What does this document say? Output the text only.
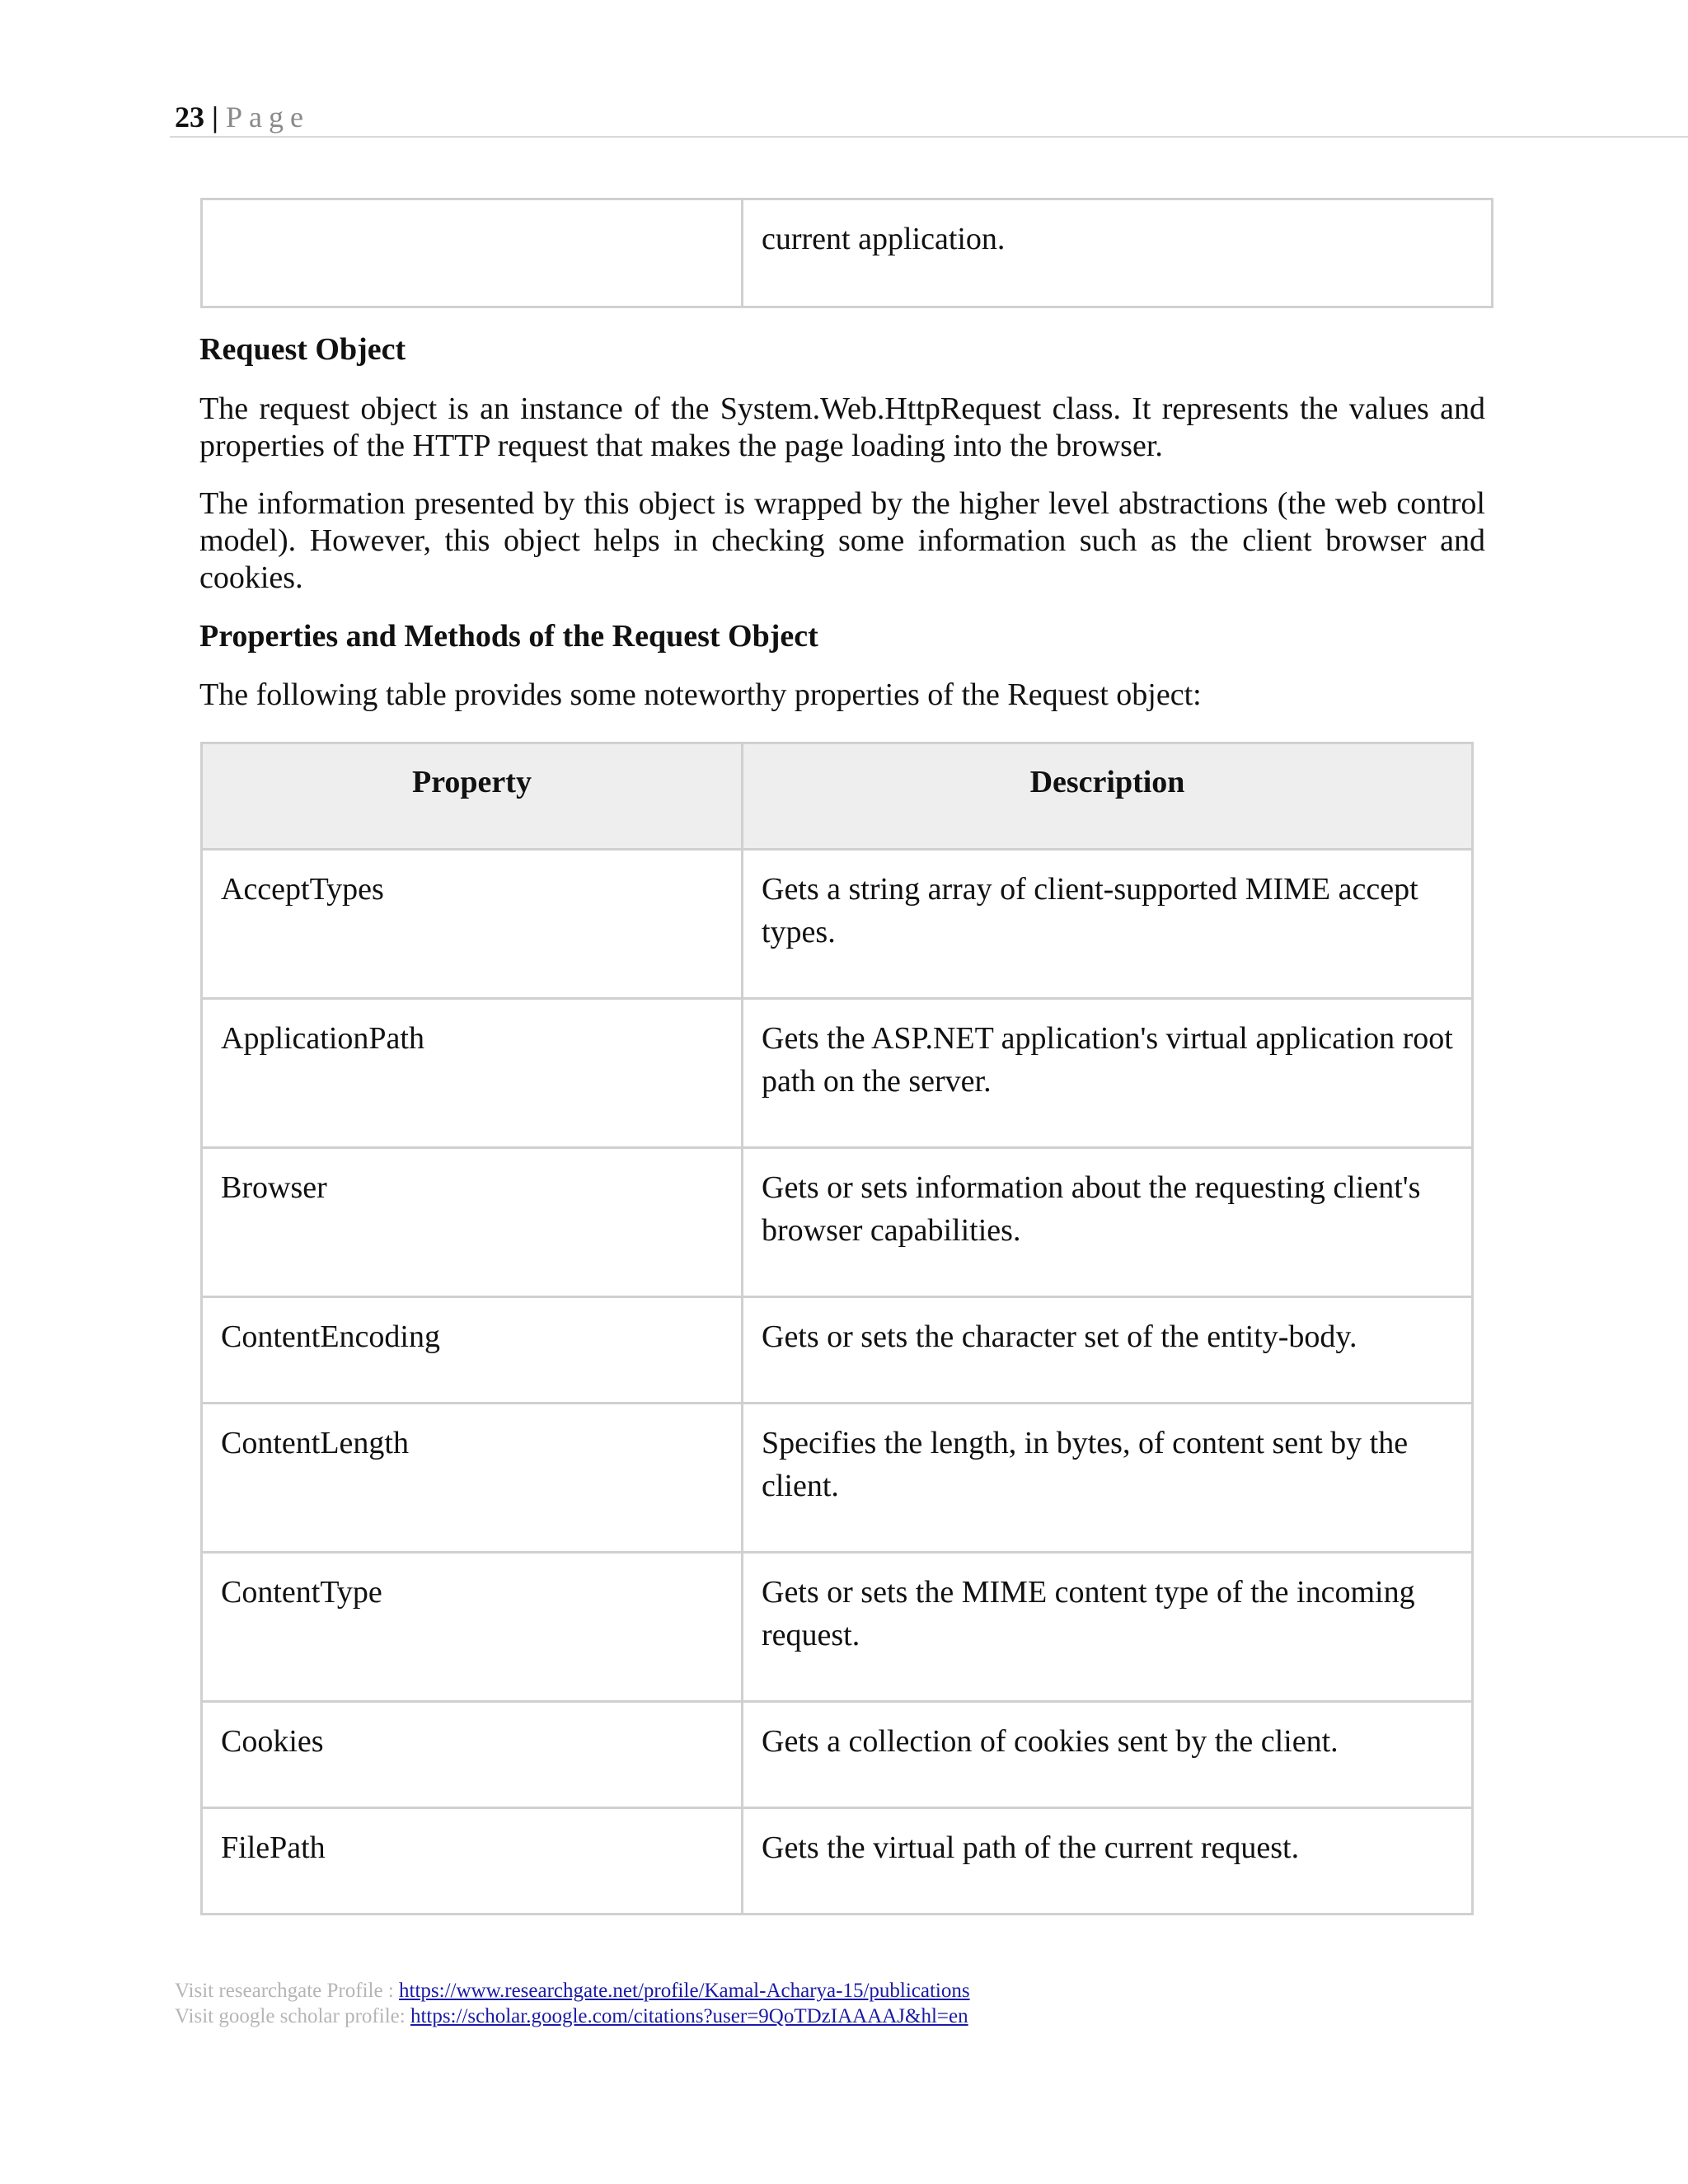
23 | Page

current application.

Request Object

The request object is an instance of the System.Web.HttpRequest class. It represents the values and properties of the HTTP request that makes the page loading into the browser.

The information presented by this object is wrapped by the higher level abstractions (the web control model). However, this object helps in checking some information such as the client browser and cookies.

Properties and Methods of the Request Object

The following table provides some noteworthy properties of the Request object:

Property	Description

AcceptTypes	Gets a string array of client-supported MIME accept types.

ApplicationPath	Gets the ASP.NET application's virtual application root path on the server.

Browser	Gets or sets information about the requesting client's browser capabilities.

ContentEncoding	Gets or sets the character set of the entity-body.

ContentLength	Specifies the length, in bytes, of content sent by the client.

ContentType	Gets or sets the MIME content type of the incoming request.

Cookies	Gets a collection of cookies sent by the client.

FilePath	Gets the virtual path of the current request.
Visit researchgate Profile : https://www.researchgate.net/profile/Kamal-Acharya-15/publications
Visit google scholar profile: https://scholar.google.com/citations?user=9QoTDzIAAAAJ&hl=en
